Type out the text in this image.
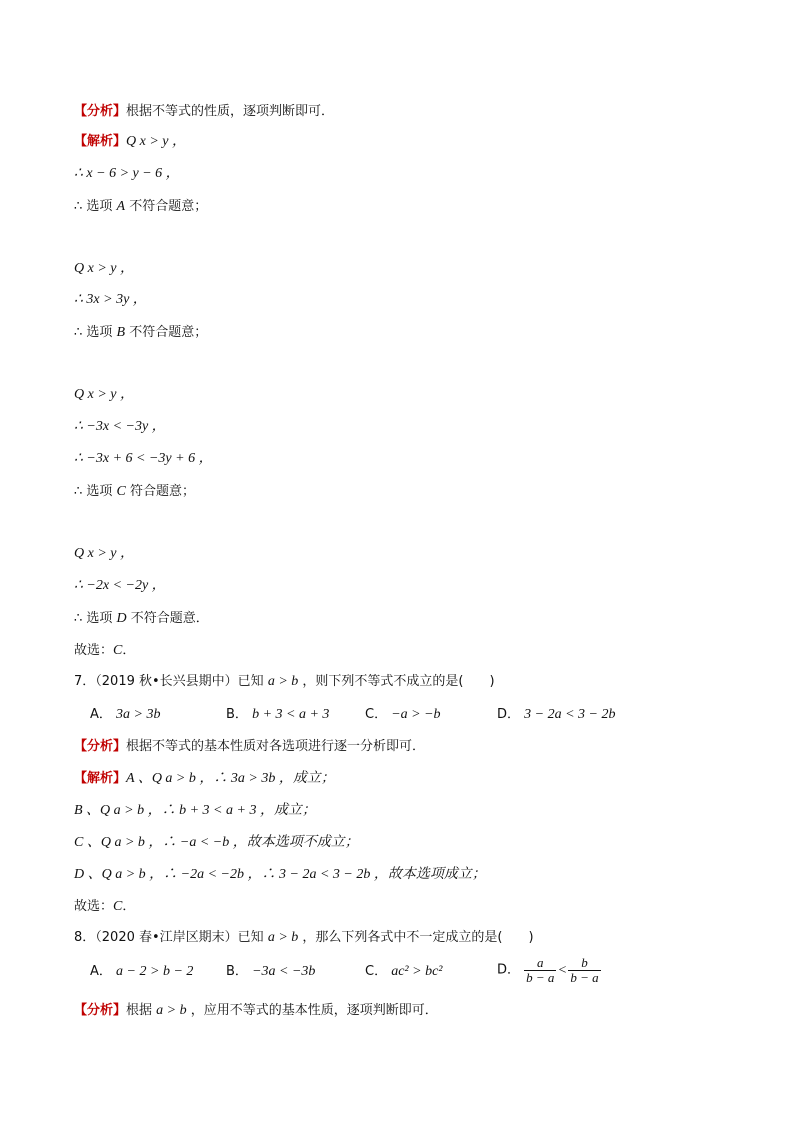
【分析】根据不等式的性质，逐项判断即可．
【解析】Q x > y ，
∴ x − 6 > y − 6 ，
∴ 选项 A 不符合题意；
Q x > y ，
∴ 3x > 3y ，
∴ 选项 B 不符合题意；
Q x > y ，
∴ −3x < −3y ，
∴ −3x + 6 < −3y + 6 ，
∴ 选项 C 符合题意；
Q x > y ，
∴ −2x < −2y ，
∴ 选项 D 不符合题意．
故选：C．
7．（2019 秋•长兴县期中）已知 a > b ，则下列不等式不成立的是(　　)
A． 3a > 3b	B． b + 3 < a + 3	C． −a > −b	D． 3 − 2a < 3 − 2b
【分析】根据不等式的基本性质对各选项进行逐一分析即可．
【解析】A 、Q a > b ，∴ 3a > 3b ，成立；
B 、Q a > b ，∴ b + 3 < a + 3 ，成立；
C 、Q a > b ，∴ −a < −b ，故本选项不成立；
D 、Q a > b ，∴ −2a < −2b ，∴ 3 − 2a < 3 − 2b ，故本选项成立；
故选：C．
8．（2020 春•江岸区期末）已知 a > b ，那么下列各式中不一定成立的是(　　)
A． a − 2 > b − 2	B． −3a < −3b	C． ac² > bc²	D． $\frac{a}{b - a} < \frac{b}{b - a}$
【分析】根据 a > b ，应用不等式的基本性质，逐项判断即可．
